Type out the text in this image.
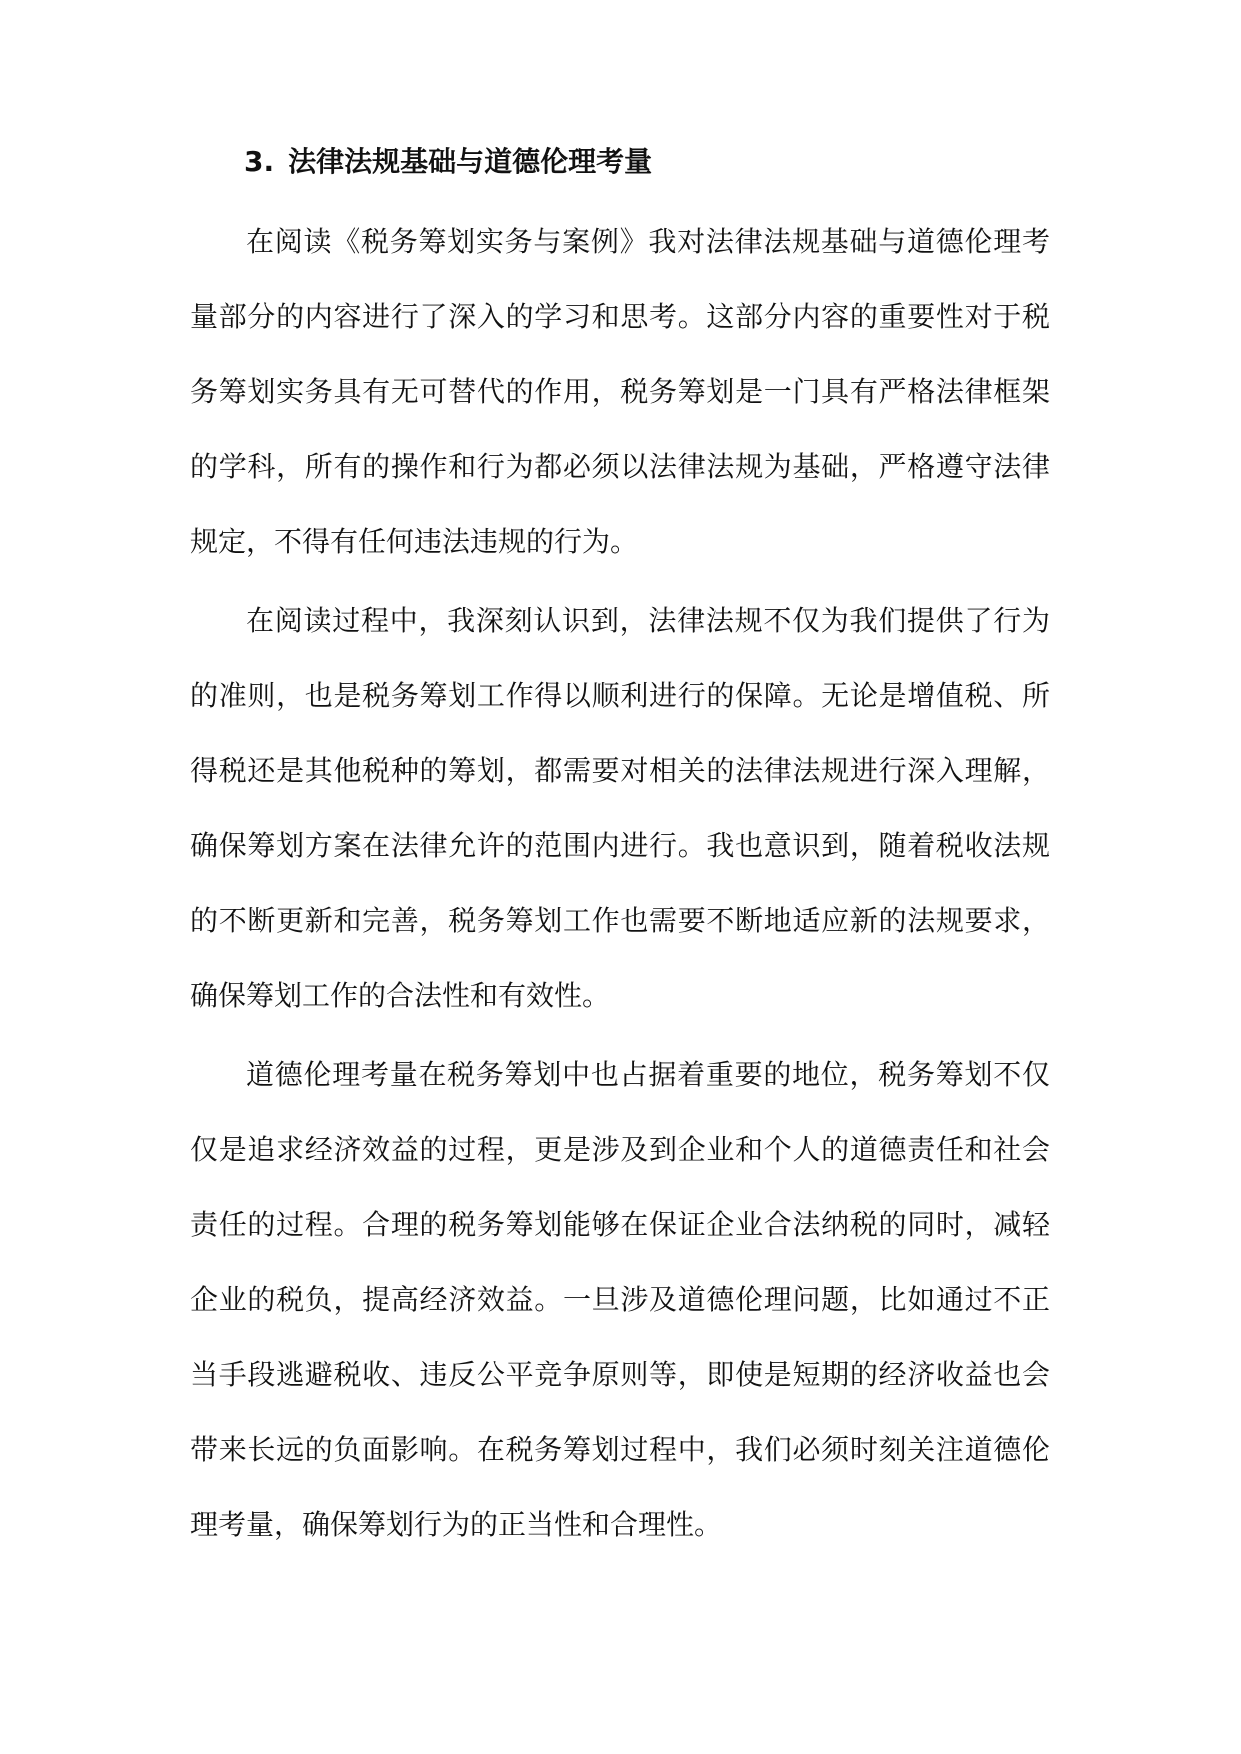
3. 法律法规基础与道德伦理考量

在阅读《税务筹划实务与案例》我对法律法规基础与道德伦理考量部分的内容进行了深入的学习和思考。这部分内容的重要性对于税务筹划实务具有无可替代的作用，税务筹划是一门具有严格法律框架的学科，所有的操作和行为都必须以法律法规为基础，严格遵守法律规定，不得有任何违法违规的行为。

在阅读过程中，我深刻认识到，法律法规不仅为我们提供了行为的准则，也是税务筹划工作得以顺利进行的保障。无论是增值税、所得税还是其他税种的筹划，都需要对相关的法律法规进行深入理解，确保筹划方案在法律允许的范围内进行。我也意识到，随着税收法规的不断更新和完善，税务筹划工作也需要不断地适应新的法规要求，确保筹划工作的合法性和有效性。

道德伦理考量在税务筹划中也占据着重要的地位，税务筹划不仅仅是追求经济效益的过程，更是涉及到企业和个人的道德责任和社会责任的过程。合理的税务筹划能够在保证企业合法纳税的同时，减轻企业的税负，提高经济效益。一旦涉及道德伦理问题，比如通过不正当手段逃避税收、违反公平竞争原则等，即使是短期的经济收益也会带来长远的负面影响。在税务筹划过程中，我们必须时刻关注道德伦理考量，确保筹划行为的正当性和合理性。
